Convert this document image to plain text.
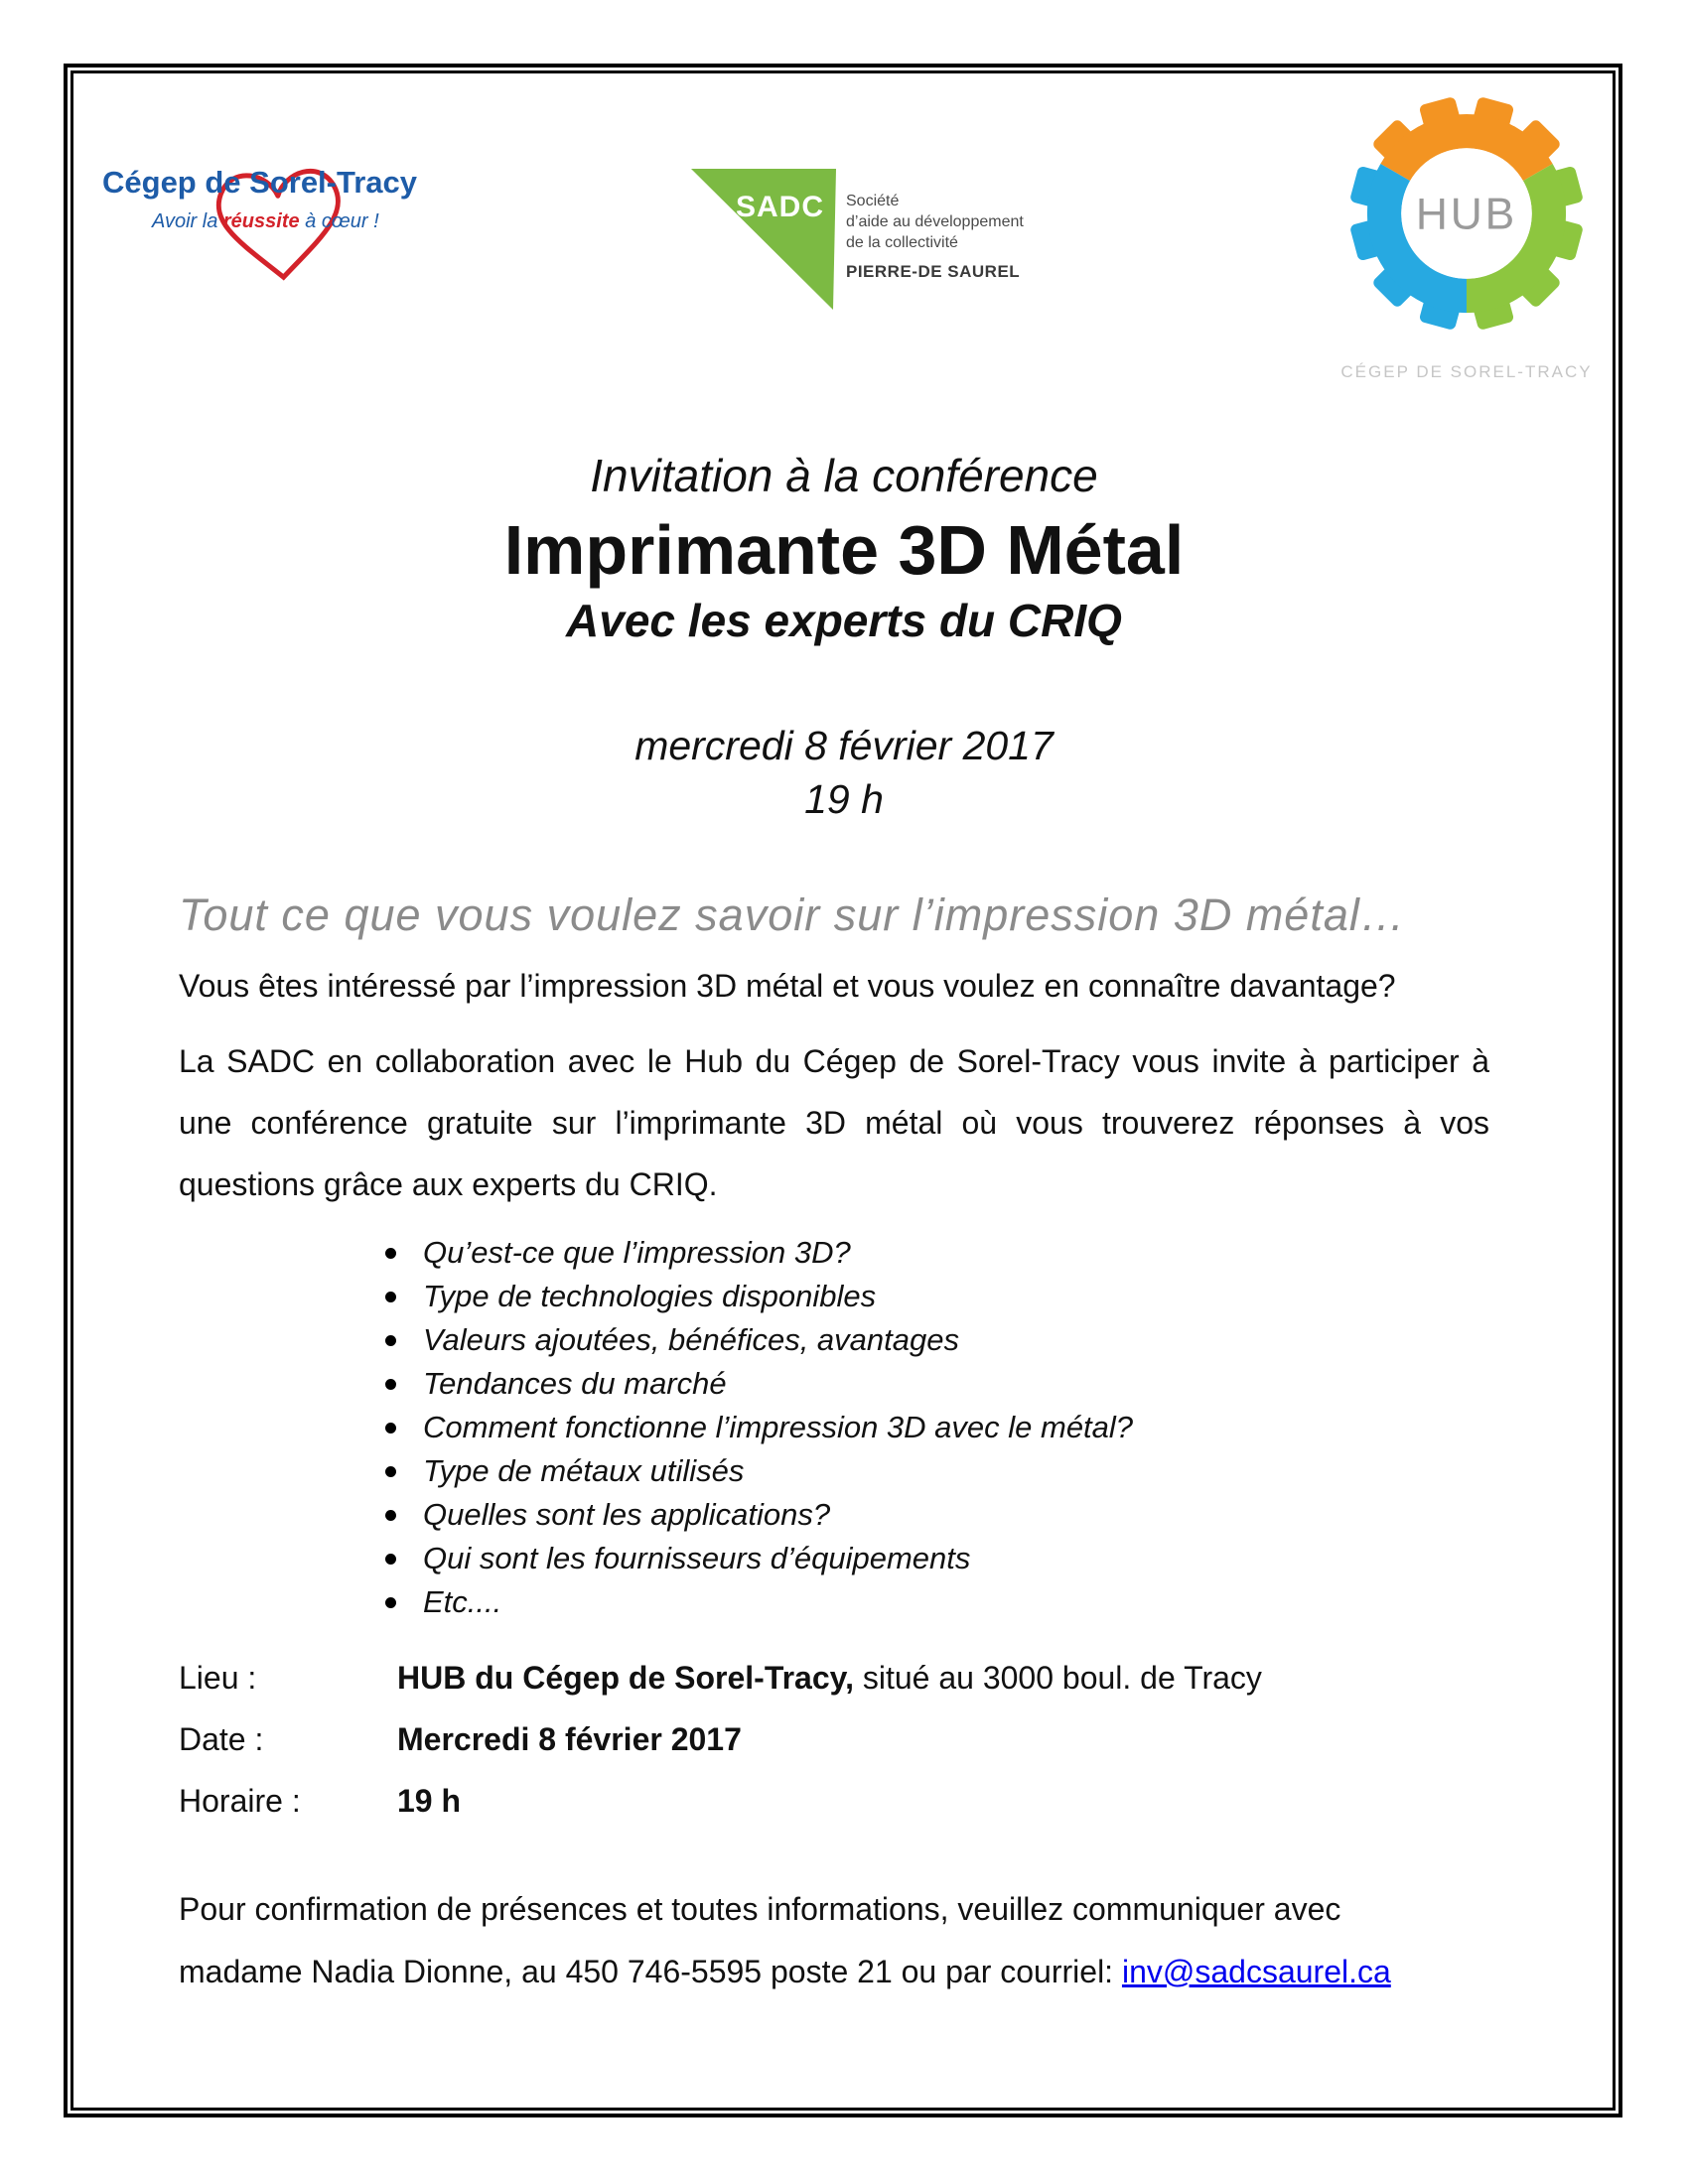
Cégep de Sorel-Tracy
Avoir la réussite à cœur !	SADC Société
d’aide au développement
de la collectivité
PIERRE-DE SAUREL
HUB
CÉGEP DE SOREL-TRACY
Invitation à la conférence
Imprimante 3D Métal
Avec les experts du CRIQ
mercredi 8 février 2017
19 h
Tout ce que vous voulez savoir sur l’impression 3D métal…

Vous êtes intéressé par l’impression 3D métal et vous voulez en connaître davantage?

La SADC en collaboration avec le Hub du Cégep de Sorel-Tracy vous invite à participer à une conférence gratuite sur l’imprimante 3D métal où vous trouverez réponses à vos questions grâce aux experts du CRIQ.

Qu’est-ce que l’impression 3D?
Type de technologies disponibles
Valeurs ajoutées, bénéfices, avantages
Tendances du marché
Comment fonctionne l’impression 3D avec le métal?
Type de métaux utilisés
Quelles sont les applications?
Qui sont les fournisseurs d’équipements
Etc....
Lieu :	HUB du Cégep de Sorel-Tracy, situé au 3000 boul. de Tracy
Date :	Mercredi 8 février 2017
Horaire :	19 h

Pour confirmation de présences et toutes informations, veuillez communiquer avec

madame Nadia Dionne, au 450 746-5595 poste 21 ou par courriel: inv@sadcsaurel.ca
